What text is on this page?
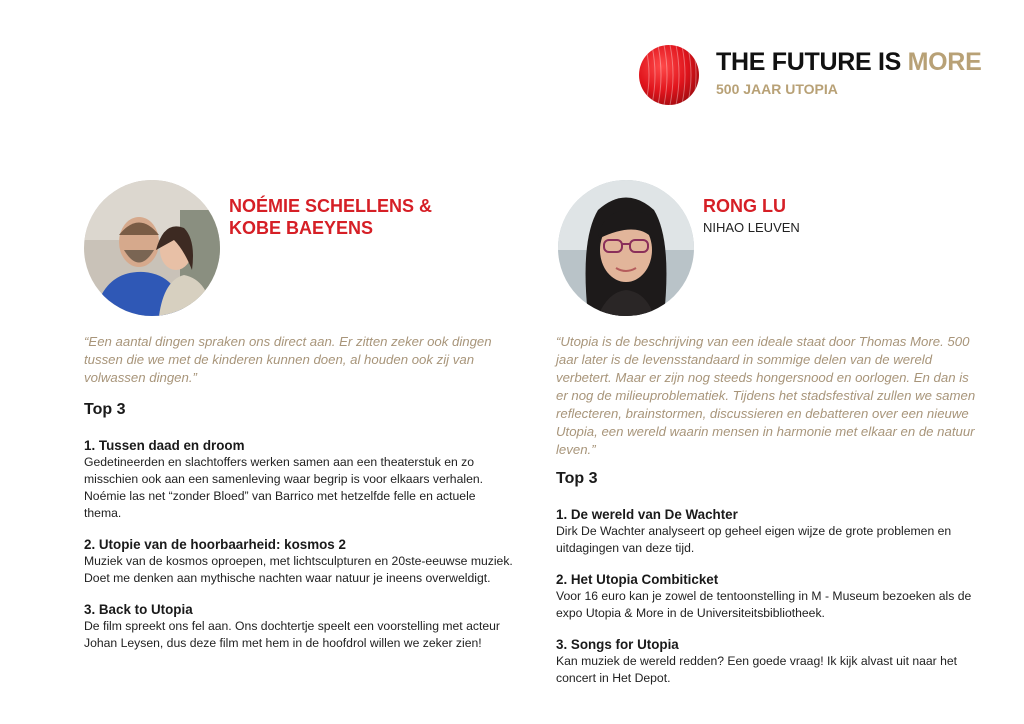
THE FUTURE IS MORE
500 JAAR UTOPIA
NOÉMIE SCHELLENS & KOBE BAEYENS

“Een aantal dingen spraken ons direct aan. Er zitten zeker ook dingen tussen die we met de kinderen kunnen doen, al houden ook zij van volwassen dingen.”

Top 3
1. Tussen daad en droom
Gedetineerden en slachtoffers werken samen aan een theaterstuk en zo misschien ook aan een samenleving waar begrip is voor elkaars verhalen. Noémie las net “zonder Bloed” van Barrico met hetzelfde felle en actuele thema.
2. Utopie van de hoorbaarheid: kosmos 2
Muziek van de kosmos oproepen, met lichtsculpturen en 20ste-eeuwse muziek. Doet me denken aan mythische nachten waar natuur je ineens overweldigt.
3. Back to Utopia
De film spreekt ons fel aan. Ons dochtertje speelt een voorstelling met acteur Johan Leysen, dus deze film met hem in de hoofdrol willen we zeker zien!
RONG LU
NIHAO LEUVEN

“Utopia is de beschrijving van een ideale staat door Thomas More. 500 jaar later is de levensstandaard in sommige delen van de wereld verbetert. Maar er zijn nog steeds hongersnood en oorlogen. En dan is er nog de milieuproblematiek. Tijdens het stadsfestival zullen we samen reflecteren, brainstormen, discussieren en debatteren over een nieuwe Utopia, een wereld waarin mensen in harmonie met elkaar en de natuur leven.”

Top 3
1. De wereld van De Wachter
Dirk De Wachter analyseert op geheel eigen wijze de grote problemen en uitdagingen van deze tijd.
2. Het Utopia Combiticket
Voor 16 euro kan je zowel de tentoonstelling in M - Museum bezoeken als de expo Utopia & More in de Universiteitsbibliotheek.
3. Songs for Utopia
Kan muziek de wereld redden? Een goede vraag! Ik kijk alvast uit naar het concert in Het Depot.
